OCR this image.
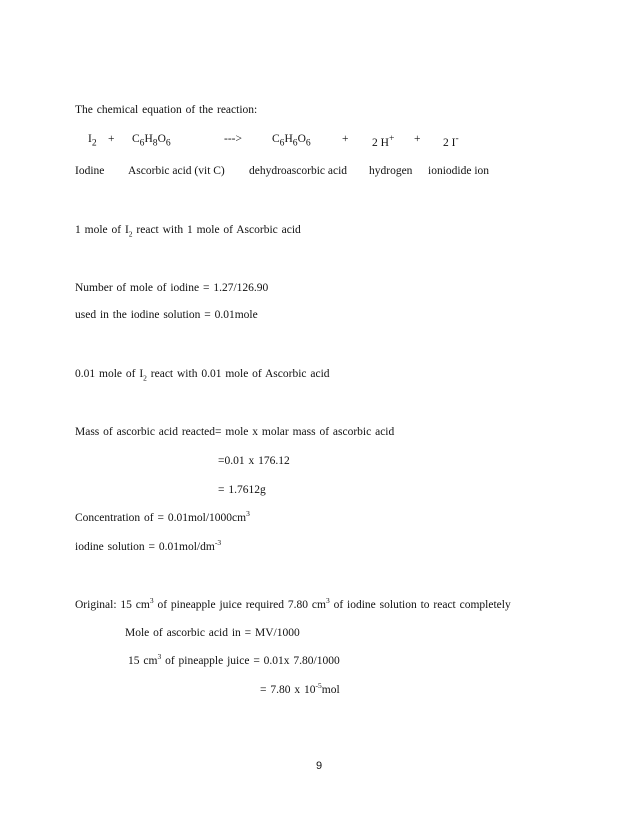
The chemical equation of the reaction:
$I_2 + C_6H_8O_6$	--->	$C_6H_6O_6$	+ 2 H+ + 2 I-
Iodine Ascorbic acid (vit C) dehydroascorbic acid hydrogen ioniodide ion
1 mole of $I_2$ react with 1 mole of Ascorbic acid
Number of mole of iodine = 1.27/126.90
used in the iodine solution = 0.01mole
0.01 mole of $I_2$ react with 0.01 mole of Ascorbic acid
Mass of ascorbic acid reacted= mole x molar mass of ascorbic acid
=0.01 x 176.12
= 1.7612g
Concentration of = $0.01mol/1000cm^3$
iodine solution = $0.01mol/dm^{-3}$
Original: 15 $cm^3$ of pineapple juice required 7.80 $cm^3$ of iodine solution to react completely
Mole of ascorbic acid in = MV/1000
15 $cm^3$ of pineapple juice = 0.01x 7.80/1000
= 7.80 x $10^{-5}mol$
9
